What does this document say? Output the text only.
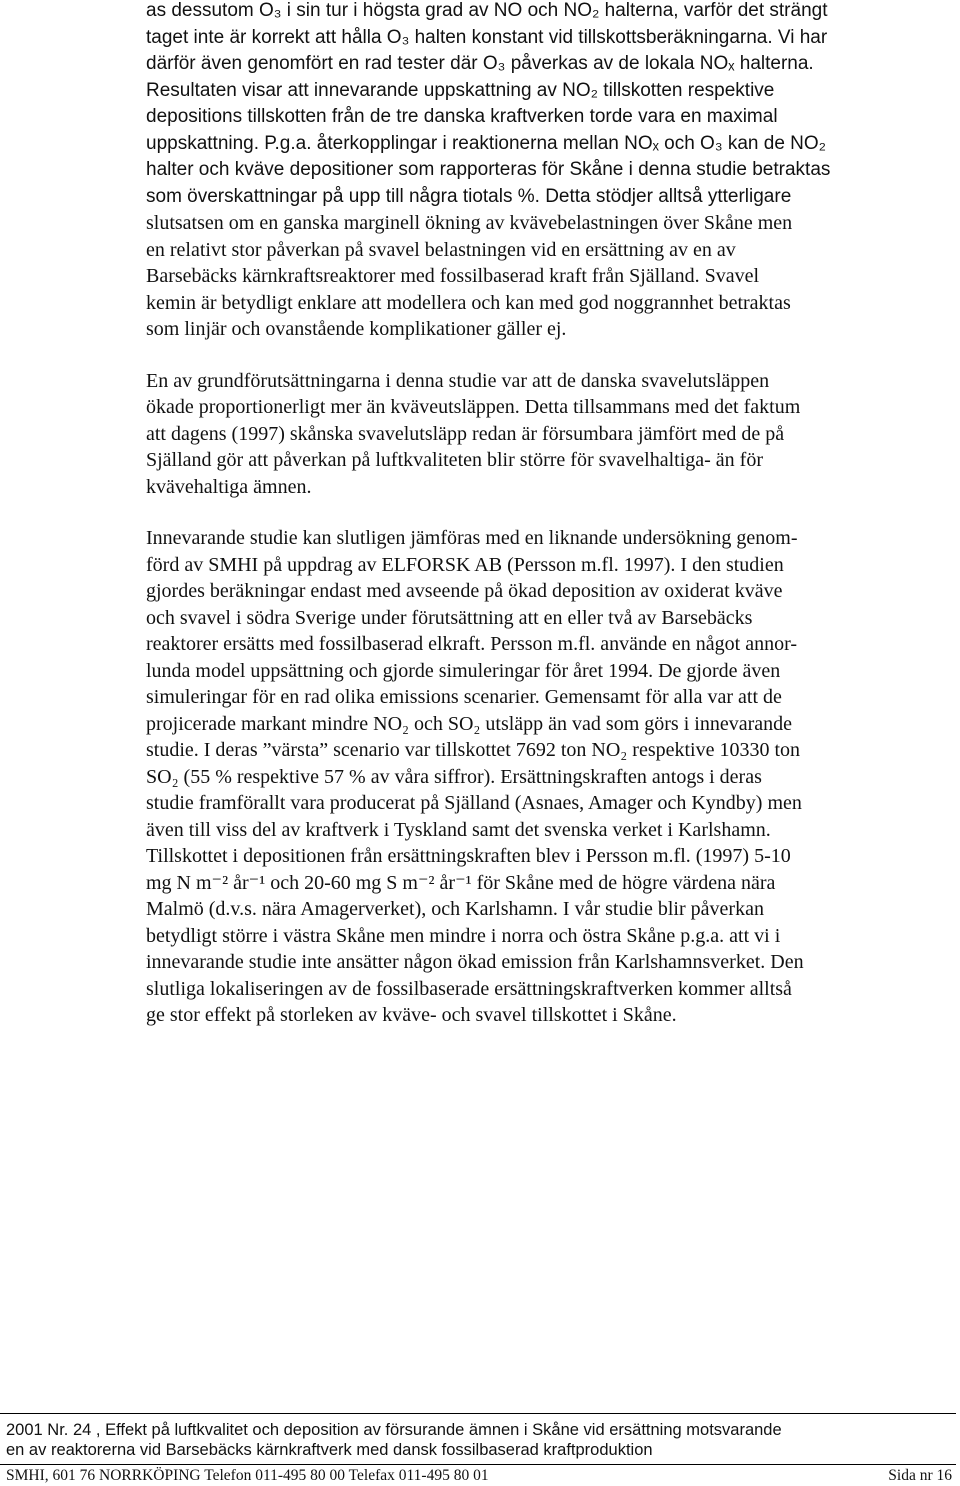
as dessutom O₃ i sin tur i högsta grad av NO och NO₂ halterna, varför det strängt
taget inte är korrekt att hålla O₃ halten konstant vid tillskottsberäkningarna. Vi har
därför även genomfört en rad tester där O₃ påverkas av de lokala NOₓ halterna.
Resultaten visar att innevarande uppskattning av NO₂ tillskotten respektive
depositions tillskotten från de tre danska kraftverken torde vara en maximal
uppskattning. P.g.a. återkopplingar i reaktionerna mellan NOₓ och O₃ kan de NO₂
halter och kväve depositioner som rapporteras för Skåne i denna studie betraktas
som överskattningar på upp till några tiotals %. Detta stödjer alltså ytterligare
slutsatsen om en ganska marginell ökning av kvävebelastningen över Skåne men
en relativt stor påverkan på svavel belastningen vid en ersättning av en av
Barsebäcks kärnkraftsreaktorer med fossilbaserad kraft från Själland. Svavel
kemin är betydligt enklare att modellera och kan med god noggrannhet betraktas
som linjär och ovanstående komplikationer gäller ej.

En av grundförutsättningarna i denna studie var att de danska svavelutsläppen
ökade proportionerligt mer än kväveutsläppen. Detta tillsammans med det faktum
att dagens (1997) skånska svavelutsläpp redan är försumbara jämfört med de på
Själland gör att påverkan på luftkvaliteten blir större för svavelhaltiga- än för
kvävehaltiga ämnen.

Innevarande studie kan slutligen jämföras med en liknande undersökning genom-
förd av SMHI på uppdrag av ELFORSK AB (Persson m.fl. 1997). I den studien
gjordes beräkningar endast med avseende på ökad deposition av oxiderat kväve
och svavel i södra Sverige under förutsättning att en eller två av Barsebäcks
reaktorer ersätts med fossilbaserad elkraft. Persson m.fl. använde en något annor-
lunda model uppsättning och gjorde simuleringar för året 1994. De gjorde även
simuleringar för en rad olika emissions scenarier. Gemensamt för alla var att de
projicerade markant mindre NO₂ och SO₂ utsläpp än vad som görs i innevarande
studie. I deras ”värsta” scenario var tillskottet 7692 ton NO₂ respektive 10330 ton
SO₂ (55 % respektive 57 % av våra siffror). Ersättningskraften antogs i deras
studie framförallt vara producerat på Själland (Asnaes, Amager och Kyndby) men
även till viss del av kraftverk i Tyskland samt det svenska verket i Karlshamn.
Tillskottet i depositionen från ersättningskraften blev i Persson m.fl. (1997) 5-10
mg N m⁻² år⁻¹ och 20-60 mg S m⁻² år⁻¹ för Skåne med de högre värdena nära
Malmö (d.v.s. nära Amagerverket), och Karlshamn. I vår studie blir påverkan
betydligt större i västra Skåne men mindre i norra och östra Skåne p.g.a. att vi i
innevarande studie inte ansätter någon ökad emission från Karlshamnsverket. Den
slutliga lokaliseringen av de fossilbaserade ersättningskraftverken kommer alltså
ge stor effekt på storleken av kväve- och svavel tillskottet i Skåne.

2001 Nr. 24 , Effekt på luftkvalitet och deposition av försurande ämnen i Skåne vid ersättning motsvarande
en av reaktorerna vid Barsebäcks kärnkraftverk med dansk fossilbaserad kraftproduktion
SMHI, 601 76 NORRKÖPING Telefon 011-495 80 00 Telefax 011-495 80 01	Sida nr 16
